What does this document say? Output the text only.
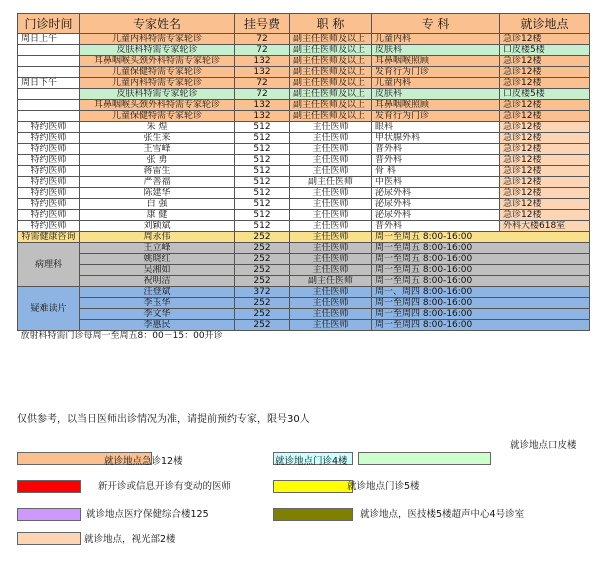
门诊时间	专家姓名	挂号费	职 称	专 科	就诊地点
周日上午	儿童内科特需专家轮诊	72	副主任医师及以上	儿童内科	急诊12楼
	皮肤科特需专家轮诊	72	副主任医师及以上	皮肤科	口皮楼5楼
	耳鼻咽喉头颈外科特需专家轮诊	132	副主任医师及以上	耳鼻咽喉照顾	急诊12楼
	儿童保健特需专家轮诊	132	副主任医师及以上	发育行为门诊	急诊12楼
周日下午	儿童内科特需专家轮诊	72	副主任医师及以上	儿童内科	急诊12楼
	皮肤科特需专家轮诊	72	副主任医师及以上	皮肤科	口皮楼5楼
	耳鼻咽喉头颈外科特需专家轮诊	132	副主任医师及以上	耳鼻咽喉照顾	急诊12楼
	儿童保健特需专家轮诊	132	副主任医师及以上	发育行为门诊	急诊12楼
特约医师	朱 煌	512	主任医师	眼科	急诊12楼
特约医师	张生来	512	主任医师	甲状腺外科	急诊12楼
特约医师	王雪峰	512	主任医师	普外科	急诊12楼
特约医师	张 勇	512	主任医师	普外科	急诊12楼
特约医师	蒋雷生	512	主任医师	骨 科	急诊12楼
特约医师	严善福	512	副主任医师	中医科	急诊12楼
特约医师	陈建华	512	主任医师	泌尿外科	急诊12楼
特约医师	白 强	512	主任医师	泌尿外科	急诊12楼
特约医师	康 健	512	主任医师	泌尿外科	急诊12楼
特约医师	刘颖斌	512	主任医师	普外科	外科大楼618室
特需健康咨询	周永伟	252	主任医师	周一至周五 8:00-16:00	
病理科	王立峰	252	主任医师	周一至周五 8:00-16:00	
	姚晓红	252	主任医师	周一至周五 8:00-16:00	
	吴湘如	252	主任医师	周一至周五 8:00-16:00	
	祝明洁	252	副主任医师	周一至周五 8:00-16:00	
疑难读片	汪登斌	372	主任医师	周一、周四 8:00-16:00	
	李玉华	252	主任医师	周一至周四 8:00-16:00	
	李文华	252	主任医师	周一至周四 8:00-16:00	
	李惠民	252	主任医师	周一至周四 8:00-16:00	
放射科特需门诊每周一至周五8：00－15：00开诊					
仅供参考，以当日医师出诊情况为准，请提前预约专家，限号30人
就诊地点急诊12楼	就诊地点门诊4楼
就诊地点口皮楼
新开诊或信息开诊有变动的医师	就诊地点门诊5楼
就诊地点医疗保健综合楼125	就诊地点，医技楼5楼超声中心4号诊室
就诊地点，视光部2楼
